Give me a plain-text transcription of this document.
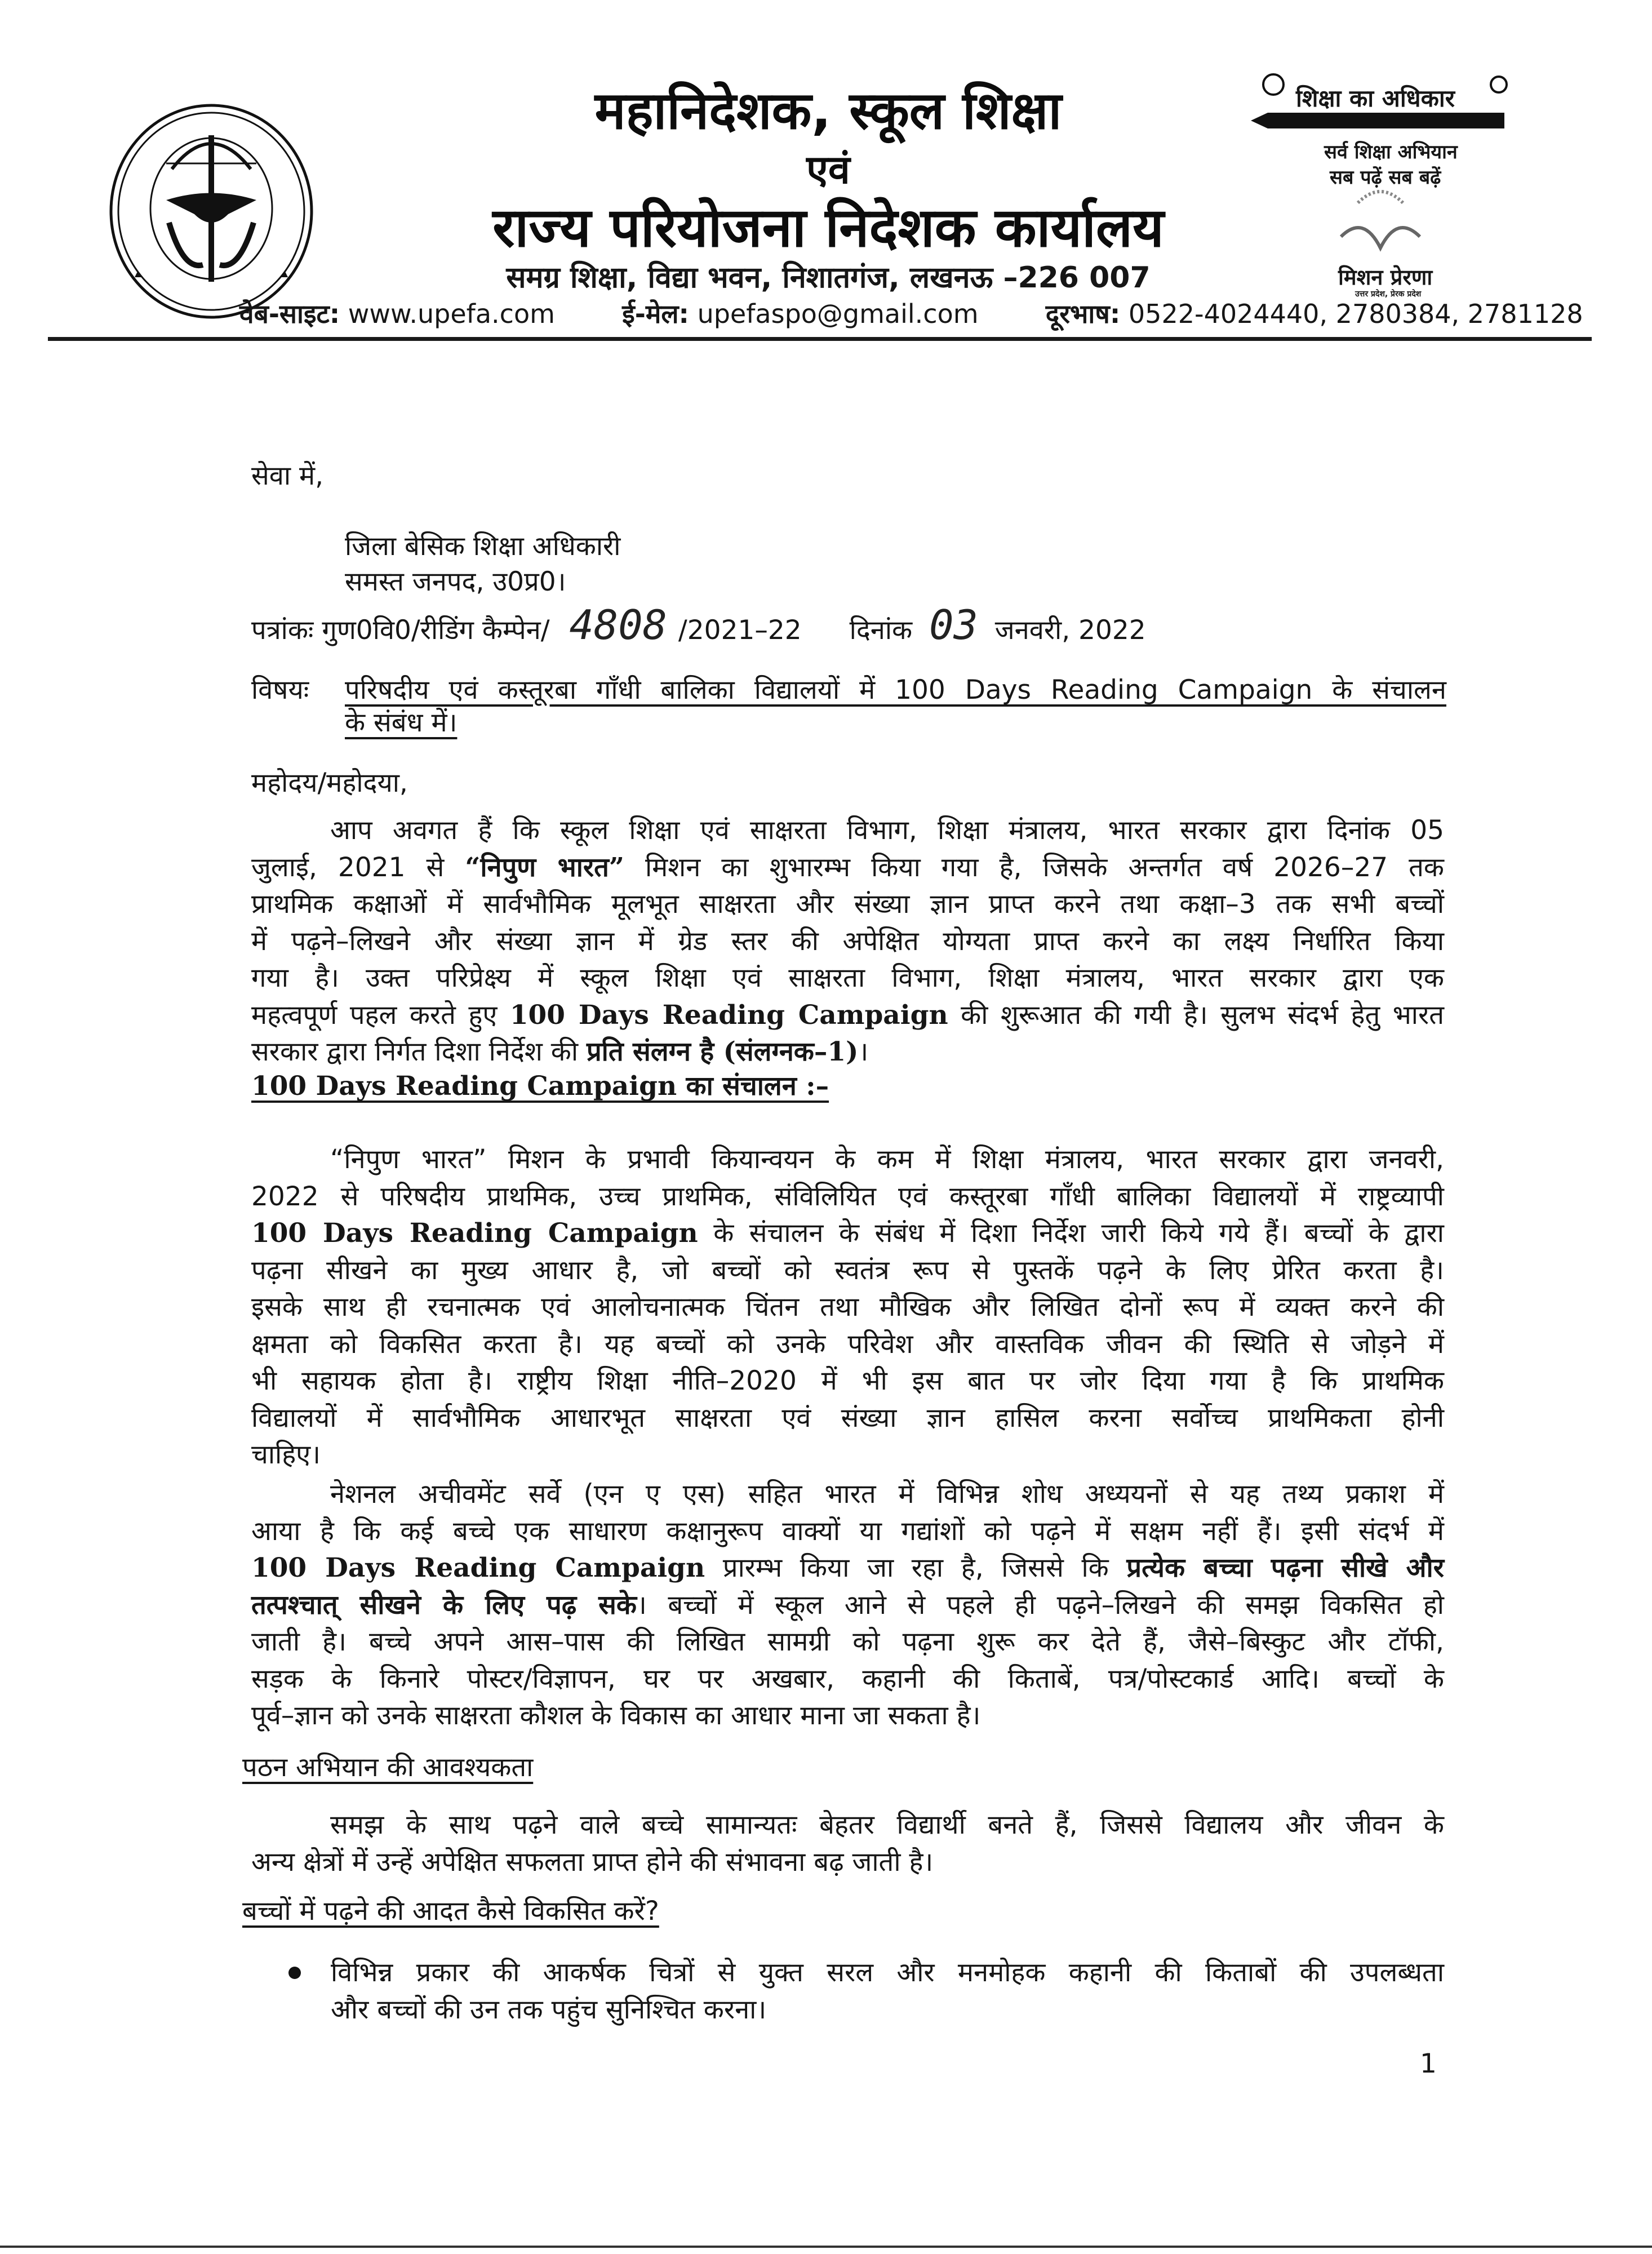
महानिदेशक, स्कूल शिक्षा
एवं
राज्य परियोजना निदेशक कार्यालय
समग्र शिक्षा, विद्या भवन, निशातगंज, लखनऊ –226 007
शिक्षा का अधिकार
सर्व शिक्षा अभियान
सब पढ़ें सब बढ़ें
मिशन प्रेरणा
उत्तर प्रदेश, प्रेरक प्रदेश
वेब-साइट: www.upefa.com	ई-मेल: upefaspo@gmail.com	दूरभाष: 0522-4024440, 2780384, 2781128
सेवा में,
जिला बेसिक शिक्षा अधिकारी
समस्त जनपद, उ0प्र0।
पत्रांकः गुण0वि0/रीडिंग कैम्पेन/ 4808 /2021–22 दिनांक 03 जनवरी, 2022
विषयः परिषदीय एवं कस्तूरबा गाँधी बालिका विद्यालयों में 100 Days Reading Campaign के संचालन
के संबंध में।
महोदय/महोदया,
आप अवगत हैं कि स्कूल शिक्षा एवं साक्षरता विभाग, शिक्षा मंत्रालय, भारत सरकार द्वारा दिनांक 05
जुलाई, 2021 से “निपुण भारत” मिशन का शुभारम्भ किया गया है, जिसके अन्तर्गत वर्ष 2026–27 तक
प्राथमिक कक्षाओं में सार्वभौमिक मूलभूत साक्षरता और संख्या ज्ञान प्राप्त करने तथा कक्षा–3 तक सभी बच्चों
में पढ़ने–लिखने और संख्या ज्ञान में ग्रेड स्तर की अपेक्षित योग्यता प्राप्त करने का लक्ष्य निर्धारित किया
गया है। उक्त परिप्रेक्ष्य में स्कूल शिक्षा एवं साक्षरता विभाग, शिक्षा मंत्रालय, भारत सरकार द्वारा एक
महत्वपूर्ण पहल करते हुए 100 Days Reading Campaign की शुरूआत की गयी है। सुलभ संदर्भ हेतु भारत
सरकार द्वारा निर्गत दिशा निर्देश की प्रति संलग्न है (संलग्नक–1)।
100 Days Reading Campaign का संचालन :–
“निपुण भारत” मिशन के प्रभावी कियान्वयन के कम में शिक्षा मंत्रालय, भारत सरकार द्वारा जनवरी,
2022 से परिषदीय प्राथमिक, उच्च प्राथमिक, संविलियित एवं कस्तूरबा गाँधी बालिका विद्यालयों में राष्ट्रव्यापी
100 Days Reading Campaign के संचालन के संबंध में दिशा निर्देश जारी किये गये हैं। बच्चों के द्वारा
पढ़ना सीखने का मुख्य आधार है, जो बच्चों को स्वतंत्र रूप से पुस्तकें पढ़ने के लिए प्रेरित करता है।
इसके साथ ही रचनात्मक एवं आलोचनात्मक चिंतन तथा मौखिक और लिखित दोनों रूप में व्यक्त करने की
क्षमता को विकसित करता है। यह बच्चों को उनके परिवेश और वास्तविक जीवन की स्थिति से जोड़ने में
भी सहायक होता है। राष्ट्रीय शिक्षा नीति–2020 में भी इस बात पर जोर दिया गया है कि प्राथमिक
विद्यालयों में सार्वभौमिक आधारभूत साक्षरता एवं संख्या ज्ञान हासिल करना सर्वोच्च प्राथमिकता होनी
चाहिए।
नेशनल अचीवमेंट सर्वे (एन ए एस) सहित भारत में विभिन्न शोध अध्ययनों से यह तथ्य प्रकाश में
आया है कि कई बच्चे एक साधारण कक्षानुरूप वाक्यों या गद्यांशों को पढ़ने में सक्षम नहीं हैं। इसी संदर्भ में
100 Days Reading Campaign प्रारम्भ किया जा रहा है, जिससे कि प्रत्येक बच्चा पढ़ना सीखे और
तत्पश्चात् सीखने के लिए पढ़ सके। बच्चों में स्कूल आने से पहले ही पढ़ने–लिखने की समझ विकसित हो
जाती है। बच्चे अपने आस–पास की लिखित सामग्री को पढ़ना शुरू कर देते हैं, जैसे–बिस्कुट और टॉफी,
सड़क के किनारे पोस्टर/विज्ञापन, घर पर अखबार, कहानी की किताबें, पत्र/पोस्टकार्ड आदि। बच्चों के
पूर्व–ज्ञान को उनके साक्षरता कौशल के विकास का आधार माना जा सकता है।
पठन अभियान की आवश्यकता
समझ के साथ पढ़ने वाले बच्चे सामान्यतः बेहतर विद्यार्थी बनते हैं, जिससे विद्यालय और जीवन के
अन्य क्षेत्रों में उन्हें अपेक्षित सफलता प्राप्त होने की संभावना बढ़ जाती है।
बच्चों में पढ़ने की आदत कैसे विकसित करें?
विभिन्न प्रकार की आकर्षक चित्रों से युक्त सरल और मनमोहक कहानी की किताबों की उपलब्धता
और बच्चों की उन तक पहुंच सुनिश्चित करना।
1
